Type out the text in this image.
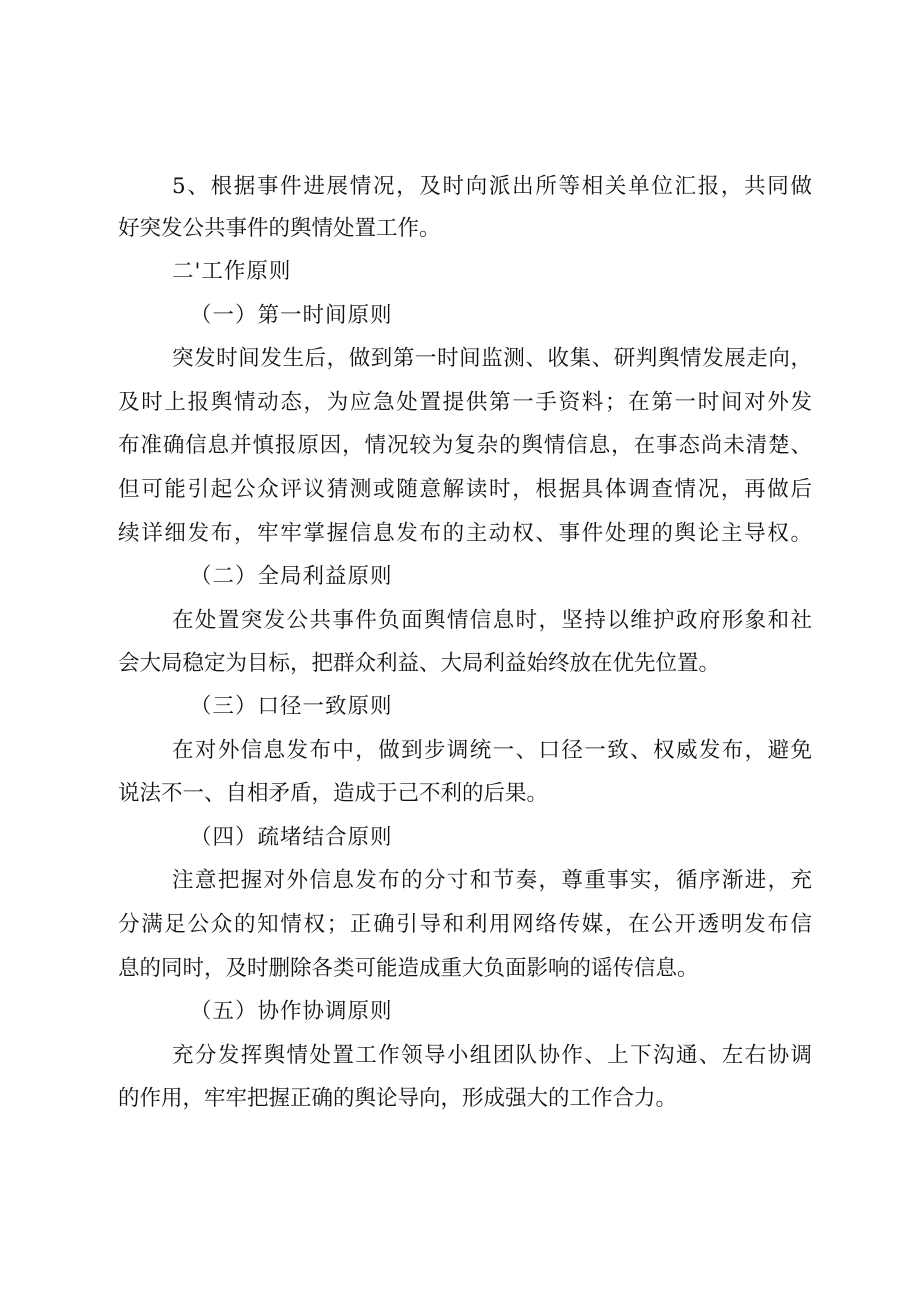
5、根据事件进展情况，及时向派出所等相关单位汇报，共同做
好突发公共事件的舆情处置工作。
二'工作原则
（一）第一时间原则
突发时间发生后，做到第一时间监测、收集、研判舆情发展走向，
及时上报舆情动态，为应急处置提供第一手资料；在第一时间对外发
布准确信息并慎报原因，情况较为复杂的舆情信息，在事态尚未清楚、
但可能引起公众评议猜测或随意解读时，根据具体调查情况，再做后
续详细发布，牢牢掌握信息发布的主动权、事件处理的舆论主导权。
（二）全局利益原则
在处置突发公共事件负面舆情信息时，坚持以维护政府形象和社
会大局稳定为目标，把群众利益、大局利益始终放在优先位置。
（三）口径一致原则
在对外信息发布中，做到步调统一、口径一致、权威发布，避免
说法不一、自相矛盾，造成于己不利的后果。
（四）疏堵结合原则
注意把握对外信息发布的分寸和节奏，尊重事实，循序渐进，充
分满足公众的知情权；正确引导和利用网络传媒，在公开透明发布信
息的同时，及时删除各类可能造成重大负面影响的谣传信息。
（五）协作协调原则
充分发挥舆情处置工作领导小组团队协作、上下沟通、左右协调
的作用，牢牢把握正确的舆论导向，形成强大的工作合力。
